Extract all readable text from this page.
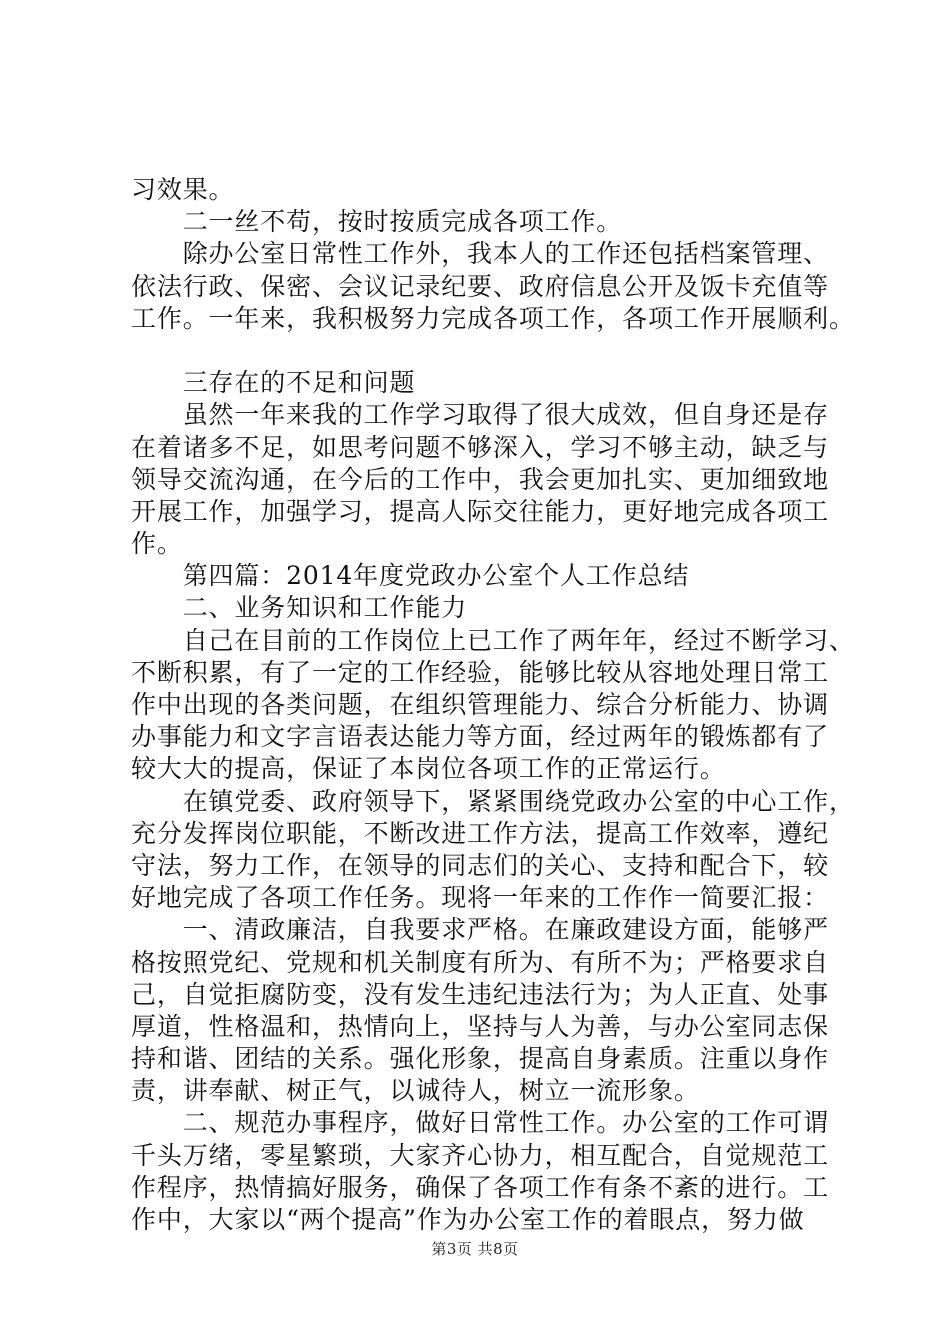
习效果。
　　二一丝不苟，按时按质完成各项工作。
　　除办公室日常性工作外，我本人的工作还包括档案管理、
依法行政、保密、会议记录纪要、政府信息公开及饭卡充值等
工作。一年来，我积极努力完成各项工作，各项工作开展顺利。
　　三存在的不足和问题
　　虽然一年来我的工作学习取得了很大成效，但自身还是存
在着诸多不足，如思考问题不够深入，学习不够主动，缺乏与
领导交流沟通，在今后的工作中，我会更加扎实、更加细致地
开展工作，加强学习，提高人际交往能力，更好地完成各项工
作。
　　第四篇：2014年度党政办公室个人工作总结
　　二、业务知识和工作能力
　　自己在目前的工作岗位上已工作了两年年，经过不断学习、
不断积累，有了一定的工作经验，能够比较从容地处理日常工
作中出现的各类问题，在组织管理能力、综合分析能力、协调
办事能力和文字言语表达能力等方面，经过两年的锻炼都有了
较大大的提高，保证了本岗位各项工作的正常运行。
　　在镇党委、政府领导下，紧紧围绕党政办公室的中心工作，
充分发挥岗位职能，不断改进工作方法，提高工作效率，遵纪
守法，努力工作，在领导的同志们的关心、支持和配合下，较
好地完成了各项工作任务。现将一年来的工作作一简要汇报：
　　一、清政廉洁，自我要求严格。在廉政建设方面，能够严
格按照党纪、党规和机关制度有所为、有所不为；严格要求自
己，自觉拒腐防变，没有发生违纪违法行为；为人正直、处事
厚道，性格温和，热情向上，坚持与人为善，与办公室同志保
持和谐、团结的关系。强化形象，提高自身素质。注重以身作
责，讲奉献、树正气，以诚待人，树立一流形象。
　　二、规范办事程序，做好日常性工作。办公室的工作可谓
千头万绪，零星繁琐，大家齐心协力，相互配合，自觉规范工
作程序，热情搞好服务，确保了各项工作有条不紊的进行。工
作中，大家以“两个提高”作为办公室工作的着眼点，努力做
第3页 共8页
